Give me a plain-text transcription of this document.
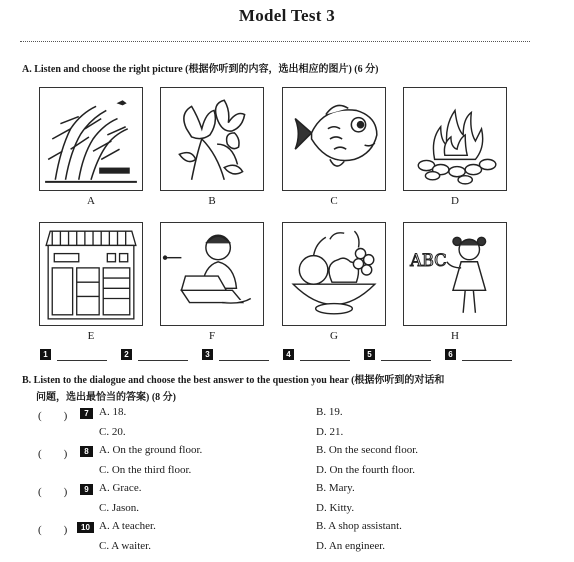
Model Test 3
A. Listen and choose the right picture (根据你听到的内容，选出相应的图片) (6 分)
A	B	C	D
ABC
E	F	G	H
1	2	3	4	5	6
B. Listen to the dialogue and choose the best answer to the question you hear (根据你听到的对话和
问题，选出最恰当的答案) (8 分)
(　　)	7 A. 18.	B. 19.
C. 20.	D. 21.
(　　)	8 A. On the ground floor.	B. On the second floor.
C. On the third floor.	D. On the fourth floor.
(　　)	9 A. Grace.	B. Mary.
C. Jason.	D. Kitty.
(　　)	10 A. A teacher.	B. A shop assistant.
C. A waiter.	D. An engineer.
